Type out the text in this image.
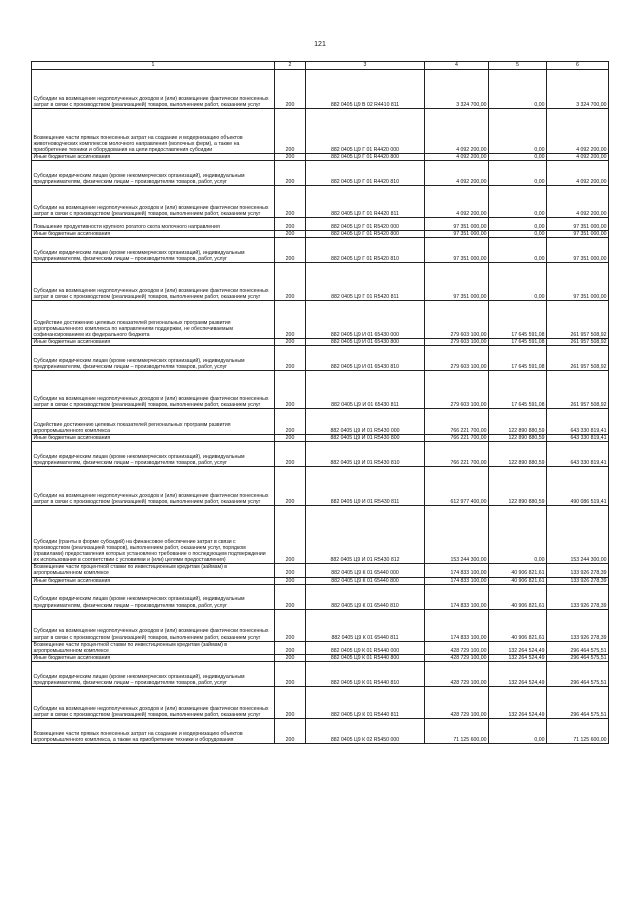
121
1	2	3	4	5	6
Субсидии на возмещение недополученных доходов и (или) возмещение фактически понесенных затрат в связи с производством (реализацией) товаров, выполнением работ, оказанием услуг	200	882 0405 Ц9 В 02 R4410 811	3 324 700,00	0,00	3 324 700,00
Возмещение части прямых понесенных затрат на создание и модернизацию объектов животноводческих комплексов молочного направления (молочных ферм), а также на приобретение техники и оборудования на цели предоставления субсидии	200	882 0405 Ц9 Г 01 R4420 000	4 092 200,00	0,00	4 092 200,00
Иные бюджетные ассигнования	200	882 0405 Ц9 Г 01 R4420 800	4 092 200,00	0,00	4 092 200,00
Субсидии юридическим лицам (кроме некоммерческих организаций), индивидуальным предпринимателям, физическим лицам – производителям товаров, работ, услуг	200	882 0405 Ц9 Г 01 R4420 810	4 092 200,00	0,00	4 092 200,00
Субсидии на возмещение недополученных доходов и (или) возмещение фактически понесенных затрат в связи с производством (реализацией) товаров, выполнением работ, оказанием услуг	200	882 0405 Ц9 Г 01 R4420 811	4 092 200,00	0,00	4 092 200,00
Повышение продуктивности крупного рогатого скота молочного направления	200	882 0405 Ц9 Г 01 R5420 000	97 351 000,00	0,00	97 351 000,00
Иные бюджетные ассигнования	200	882 0405 Ц9 Г 01 R5420 800	97 351 000,00	0,00	97 351 000,00
Субсидии юридическим лицам (кроме некоммерческих организаций), индивидуальным предпринимателям, физическим лицам – производителям товаров, работ, услуг	200	882 0405 Ц9 Г 01 R5420 810	97 351 000,00	0,00	97 351 000,00
Субсидии на возмещение недополученных доходов и (или) возмещение фактически понесенных затрат в связи с производством (реализацией) товаров, выполнением работ, оказанием услуг	200	882 0405 Ц9 Г 01 R5420 811	97 351 000,00	0,00	97 351 000,00
Содействие достижению целевых показателей региональных программ развития агропромышленного комплекса по направлениям поддержки, не обеспечиваемым софинансированием из федерального бюджета	200	882 0405 Ц9 И 01 65430 000	279 603 100,00	17 645 591,08	261 957 508,92
Иные бюджетные ассигнования	200	882 0405 Ц9 И 01 65430 800	279 603 100,00	17 645 591,08	261 957 508,92
Субсидии юридическим лицам (кроме некоммерческих организаций), индивидуальным предпринимателям, физическим лицам – производителям товаров, работ, услуг	200	882 0405 Ц9 И 01 65430 810	279 603 100,00	17 645 591,08	261 957 508,92
Субсидии на возмещение недополученных доходов и (или) возмещение фактически понесенных затрат в связи с производством (реализацией) товаров, выполнением работ, оказанием услуг	200	882 0405 Ц9 И 01 65430 811	279 603 100,00	17 645 591,08	261 957 508,92
Содействие достижению целевых показателей региональных программ развития агропромышленного комплекса	200	882 0405 Ц9 И 01 R5430 000	766 221 700,00	122 890 880,59	643 330 819,41
Иные бюджетные ассигнования	200	882 0405 Ц9 И 01 R5430 800	766 221 700,00	122 890 880,59	643 330 819,41
Субсидии юридическим лицам (кроме некоммерческих организаций), индивидуальным предпринимателям, физическим лицам – производителям товаров, работ, услуг	200	882 0405 Ц9 И 01 R5430 810	766 221 700,00	122 890 880,59	643 330 819,41
Субсидии на возмещение недополученных доходов и (или) возмещение фактически понесенных затрат в связи с производством (реализацией) товаров, выполнением работ, оказанием услуг	200	882 0405 Ц9 И 01 R5430 811	612 977 400,00	122 890 880,59	490 086 519,41
Субсидии (гранты в форме субсидий) на финансовое обеспечение затрат в связи с производством (реализацией товаров), выполнением работ, оказанием услуг, порядком (правилами) предоставления которых установлено требование о последующем подтверждении их использования в соответствии с условиями и (или) целями предоставления)	200	882 0405 Ц9 И 01 R5430 812	153 244 300,00	0,00	153 244 300,00
Возмещение части процентной ставки по инвестиционным кредитам (займам) в агропромышленном комплексе	200	882 0405 Ц9 К 01 65440 000	174 833 100,00	40 906 821,61	133 926 278,39
Иные бюджетные ассигнования	200	882 0405 Ц9 К 01 65440 800	174 833 100,00	40 906 821,61	133 926 278,39
Субсидии юридическим лицам (кроме некоммерческих организаций), индивидуальным предпринимателям, физическим лицам – производителям товаров, работ, услуг	200	882 0405 Ц9 К 01 65440 810	174 833 100,00	40 906 821,61	133 926 278,39
Субсидии на возмещение недополученных доходов и (или) возмещение фактически понесенных затрат в связи с производством (реализацией) товаров, выполнением работ, оказанием услуг	200	882 0405 Ц9 К 01 65440 811	174 833 100,00	40 906 821,61	133 926 278,39
Возмещение части процентной ставки по инвестиционным кредитам (займам) в агропромышленном комплексе	200	882 0405 Ц9 К 01 R5440 000	428 729 100,00	132 264 524,49	296 464 575,51
Иные бюджетные ассигнования	200	882 0405 Ц9 К 01 R5440 800	428 729 100,00	132 264 524,49	296 464 575,51
Субсидии юридическим лицам (кроме некоммерческих организаций), индивидуальным предпринимателям, физическим лицам – производителям товаров, работ, услуг	200	882 0405 Ц9 К 01 R5440 810	428 729 100,00	132 264 524,49	296 464 575,51
Субсидии на возмещение недополученных доходов и (или) возмещение фактически понесенных затрат в связи с производством (реализацией) товаров, выполнением работ, оказанием услуг	200	882 0405 Ц9 К 01 R5440 811	428 729 100,00	132 264 524,49	296 464 575,51
Возмещение части прямых понесенных затрат на создание и модернизацию объектов агропромышленного комплекса, а также на приобретение техники и оборудования	200	882 0405 Ц9 К 02 R5450 000	71 125 600,00	0,00	71 125 600,00
